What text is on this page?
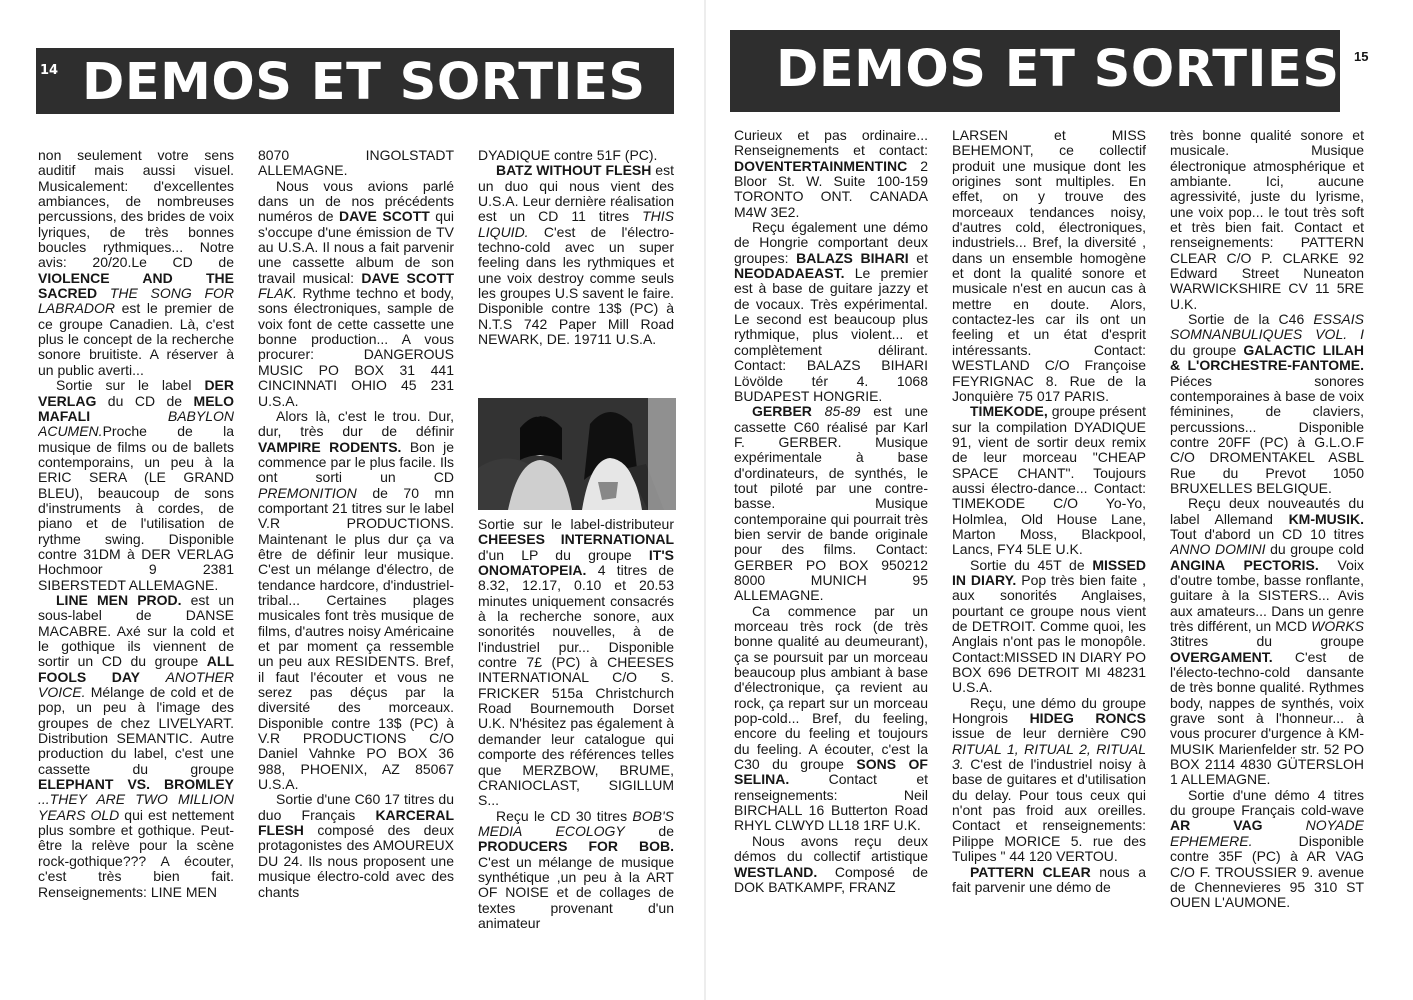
14 DEMOS ET SORTIES

non seulement votre sens auditif mais aussi visuel. Musicalement: d'excellentes ambiances, de nombreuses percussions, des brides de voix lyriques, de très bonnes boucles rythmiques... Notre avis: 20/20.Le CD de VIOLENCE AND THE SACRED THE SONG FOR LABRADOR est le premier de ce groupe Canadien. Là, c'est plus le concept de la recherche sonore bruitiste. A réserver à un public averti...

Sortie sur le label DER VERLAG du CD de MELO MAFALI	BABYLON ACUMEN.Proche de la musique de films ou de ballets contemporains, un peu à la ERIC SERA (LE GRAND BLEU), beaucoup de sons d'instruments à cordes, de piano et de l'utilisation de rythme swing. Disponible contre 31DM à DER VERLAG Hochmoor 9 2381 SIBERSTEDT ALLEMAGNE.

LINE MEN PROD. est un sous-label de DANSE MACABRE. Axé sur la cold et le gothique ils viennent de sortir un CD du groupe ALL FOOLS DAY ANOTHER VOICE. Mélange de cold et de pop, un peu à l'image des groupes de chez LIVELYART. Distribution SEMANTIC. Autre production du label, c'est une cassette du groupe ELEPHANT VS. BROMLEY ...THEY ARE TWO MILLION YEARS OLD qui est nettement plus sombre et gothique. Peut-être la relève pour la scène rock-gothique??? A écouter, c'est très bien fait. Renseignements: LINE MEN

8070 INGOLSTADT ALLEMAGNE.

Nous vous avions parlé dans un de nos précédents numéros de DAVE SCOTT qui s'occupe d'une émission de TV au U.S.A. Il nous a fait parvenir une cassette album de son travail musical: DAVE SCOTT FLAK. Rythme techno et body, sons électroniques, sample de voix font de cette cassette une bonne production... A vous procurer: DANGEROUS MUSIC PO BOX 31 441 CINCINNATI OHIO 45 231 U.S.A.

Alors là, c'est le trou. Dur, dur, très dur de définir VAMPIRE RODENTS. Bon je commence par le plus facile. Ils ont sorti un CD PREMONITION de 70 mn comportant 21 titres sur le label V.R PRODUCTIONS. Maintenant le plus dur ça va être de définir leur musique. C'est un mélange d'électro, de tendance hardcore, d'industriel-tribal... Certaines plages musicales font très musique de films, d'autres noisy Américaine et par moment ça ressemble un peu aux RESIDENTS. Bref, il faut l'écouter et vous ne serez pas déçus par la diversité des morceaux. Disponible contre 13$ (PC) à V.R PRODUCTIONS C/O Daniel Vahnke PO BOX 36 988, PHOENIX, AZ 85067 U.S.A.

Sortie d'une C60 17 titres du duo Français KARCERAL FLESH composé des deux protagonistes des AMOUREUX DU 24. Ils nous proposent une musique électro-cold avec des chants

DYADIQUE contre 51F (PC).

BATZ WITHOUT FLESH est un duo qui nous vient des U.S.A. Leur dernière réalisation est un CD 11 titres THIS LIQUID. C'est de l'électro-techno-cold avec un super feeling dans les rythmiques et une voix destroy comme seuls les groupes U.S savent le faire. Disponible contre 13$ (PC) à N.T.S 742 Paper Mill Road NEWARK, DE. 19711 U.S.A.

Sortie sur le label-distributeur CHEESES INTERNATIONAL d'un LP du groupe IT'S ONOMATOPEIA. 4 titres de 8.32, 12.17, 0.10 et 20.53 minutes uniquement consacrés à la recherche sonore, aux sonorités nouvelles, à de l'industriel pur... Disponible contre 7£ (PC) à CHEESES INTERNATIONAL C/O S. FRICKER 515a Christchurch Road Bournemouth Dorset U.K. N'hésitez pas également à demander leur catalogue qui comporte des références telles que MERZBOW, BRUME, CRANIOCLAST, SIGILLUM S...

Reçu le CD 30 titres BOB'S MEDIA ECOLOGY de PRODUCERS FOR BOB. C'est un mélange de musique synthétique ,un peu à la ART OF NOISE et de collages de textes provenant d'un animateur

DEMOS ET SORTIES 15

Curieux et pas ordinaire... Renseignements et contact: DOVENTERTAINMENTINC 2 Bloor St. W. Suite 100-159 TORONTO ONT. CANADA M4W 3E2.

Reçu également une démo de Hongrie comportant deux groupes: BALAZS BIHARI et NEODADAEAST. Le premier est à base de guitare jazzy et de vocaux. Très expérimental. Le second est beaucoup plus rythmique, plus violent... et complètement délirant. Contact: BALAZS BIHARI Lövölde tér 4. 1068 BUDAPEST HONGRIE.

GERBER 85-89 est une cassette C60 réalisé par Karl F. GERBER. Musique expérimentale à base d'ordinateurs, de synthés, le tout piloté par une contre-basse. Musique contemporaine qui pourrait très bien servir de bande originale pour des films. Contact: GERBER PO BOX 950212 8000 MUNICH 95 ALLEMAGNE.

Ca commence par un morceau très rock (de très bonne qualité au deumeurant), ça se poursuit par un morceau beaucoup plus ambiant à base d'électronique, ça revient au rock, ça repart sur un morceau pop-cold... Bref, du feeling, encore du feeling et toujours du feeling. A écouter, c'est la C30 du groupe SONS OF SELINA. Contact et renseignements: Neil BIRCHALL 16 Butterton Road RHYL CLWYD LL18 1RF U.K.

Nous avons reçu deux démos du collectif artistique WESTLAND. Composé de DOK BATKAMPF, FRANZ

LARSEN et MISS BEHEMONT, ce collectif produit une musique dont les origines sont multiples. En effet, on y trouve des morceaux tendances noisy, d'autres cold, électroniques, industriels... Bref, la diversité , dans un ensemble homogène et dont la qualité sonore et musicale n'est en aucun cas à mettre en doute. Alors, contactez-les car ils ont un feeling et un état d'esprit intéressants. Contact: WESTLAND C/O Françoise FEYRIGNAC 8. Rue de la Jonquière 75 017 PARIS.

TIMEKODE, groupe présent sur la compilation DYADIQUE 91, vient de sortir deux remix de leur morceau "CHEAP SPACE CHANT". Toujours aussi électro-dance... Contact: TIMEKODE C/O Yo-Yo, Holmlea, Old House Lane, Marton Moss, Blackpool, Lancs, FY4 5LE U.K.

Sortie du 45T de MISSED IN DIARY. Pop très bien faite , aux sonorités Anglaises, pourtant ce groupe nous vient de DETROIT. Comme quoi, les Anglais n'ont pas le monopôle. Contact:MISSED IN DIARY PO BOX 696 DETROIT MI 48231 U.S.A.

Reçu, une démo du groupe Hongrois HIDEG RONCS issue de leur dernière C90 RITUAL 1, RITUAL 2, RITUAL 3. C'est de l'industriel noisy à base de guitares et d'utilisation du delay. Pour tous ceux qui n'ont pas froid aux oreilles. Contact et renseignements: Pilippe MORICE 5. rue des Tulipes " 44 120 VERTOU.

PATTERN CLEAR nous a fait parvenir une démo de

très bonne qualité sonore et musicale. Musique électronique atmosphérique et ambiante. Ici, aucune agressivité, juste du lyrisme, une voix pop... le tout très soft et très bien fait. Contact et renseignements: PATTERN CLEAR C/O P. CLARKE 92 Edward Street Nuneaton WARWICKSHIRE CV 11 5RE U.K.

Sortie de la C46 ESSAIS SOMNANBULIQUES VOL. I du groupe GALACTIC LILAH & L'ORCHESTRE-FANTOME. Piéces sonores contemporaines à base de voix féminines, de claviers, percussions... Disponible contre 20FF (PC) à G.L.O.F C/O DROMENTAKEL ASBL Rue du Prevot 1050 BRUXELLES BELGIQUE.

Reçu deux nouveautés du label Allemand KM-MUSIK. Tout d'abord un CD 10 titres ANNO DOMINI du groupe cold ANGINA PECTORIS. Voix d'outre tombe, basse ronflante, guitare à la SISTERS... Avis aux amateurs... Dans un genre très différent, un MCD WORKS 3titres du groupe OVERGAMENT. C'est de l'électo-techno-cold dansante de très bonne qualité. Rythmes body, nappes de synthés, voix grave sont à l'honneur... à vous procurer d'urgence à KM-MUSIK Marienfelder str. 52 PO BOX 2114 4830 GÜTERSLOH 1 ALLEMAGNE.

Sortie d'une démo 4 titres du groupe Français cold-wave AR VAG	NOYADE EPHEMERE. Disponible contre 35F (PC) à AR VAG C/O F. TROUSSIER 9. avenue de Chennevieres 95 310 ST OUEN L'AUMONE.
